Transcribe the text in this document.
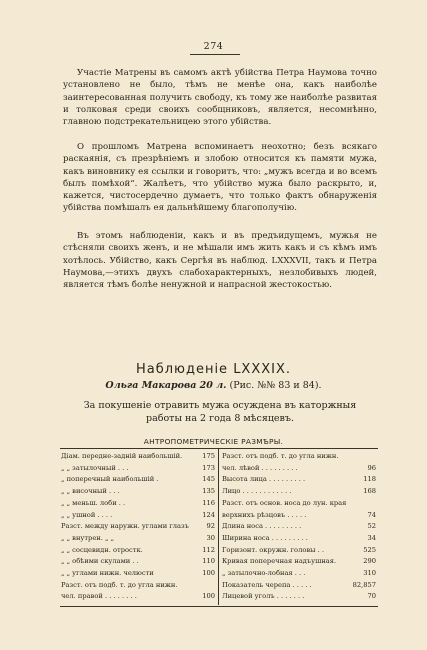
274

Участiе Матрены въ самомъ актѣ убiйства Петра Наумова точно установлено не было, тѣмъ не менѣе она, какъ наиболѣе заинтересованная получить свободу, къ тому же наиболѣе развитая и толковая среди своихъ сообщниковъ, является, несомнѣнно, главною подстрекательницею этого убiйства.

О прошломъ Матрена вспоминаетъ неохотно; безъ всякаго раскаянiя, съ презрѣнiемъ и злобою относится къ памяти мужа, какъ виновнику ея ссылки и говоритъ, что: „мужъ всегда и во всемъ былъ помѣхой“. Жалѣетъ, что убiйство мужа было раскрыто, и, кажется, чистосердечно думаетъ, что только фактъ обнаруженiя убiйства помѣшалъ ея дальнѣйшему благополучiю.

Въ этомъ наблюденiи, какъ и въ предъидущемъ, мужья не стѣсняли своихъ женъ, и не мѣшали имъ жить какъ и съ кѣмъ имъ хотѣлось. Убiйство, какъ Сергѣя въ наблюд. LXXXVII, такъ и Петра Наумова,—этихъ двухъ слабохарактерныхъ, незлобивыхъ людей, является тѣмъ болѣе ненужной и напрасной жестокостью.

Наблюденiе LXXXIX.
Ольга Макарова 20 л. (Рис. №№ 83 и 84).
За покушенiе отравить мужа осуждена въ каторжныя работы на 2 года 8 мѣсяцевъ.
АНТРОПОМЕТРИЧЕСКIЕ РАЗМѢРЫ.
Дiам. передне-заднiй наибольшiй.	175
„ „ затылочный . . .	173
„ поперечный наибольшiй .	145
„ „ височный . . .	135
„ „ меньш. лоби . .	116
„ „ ушной . . . .	124
Разст. между наружн. углами глазъ	92
„ „ внутрен. „ „	30
„ „ сосцевидн. отростк.	112
„ „ обѣими скулами . .	110
„ „ углами нижн. челюсти	100
Разст. отъ подб. т. до угла нижн.
чел. правой . . . . . . . .	100
Разст. отъ подб. т. до угла нижн.
чел. лѣвой . . . . . . . . .	96
Высота лица . . . . . . . . .	118
Лицо . . . . . . . . . . . .	168
Разст. отъ основ. носа до лун. края
верхнихъ рѣзцовъ . . . . .	74
Длина носа . . . . . . . . .	52
Ширина носа . . . . . . . . .	34
Горизонт. окружн. головы . .	525
Кривая поперечная надъушная.	290
„ затылочно-лобная . . .	310
Показатель черепа . . . . .	82,857
Лицевой уголъ . . . . . . .	70
